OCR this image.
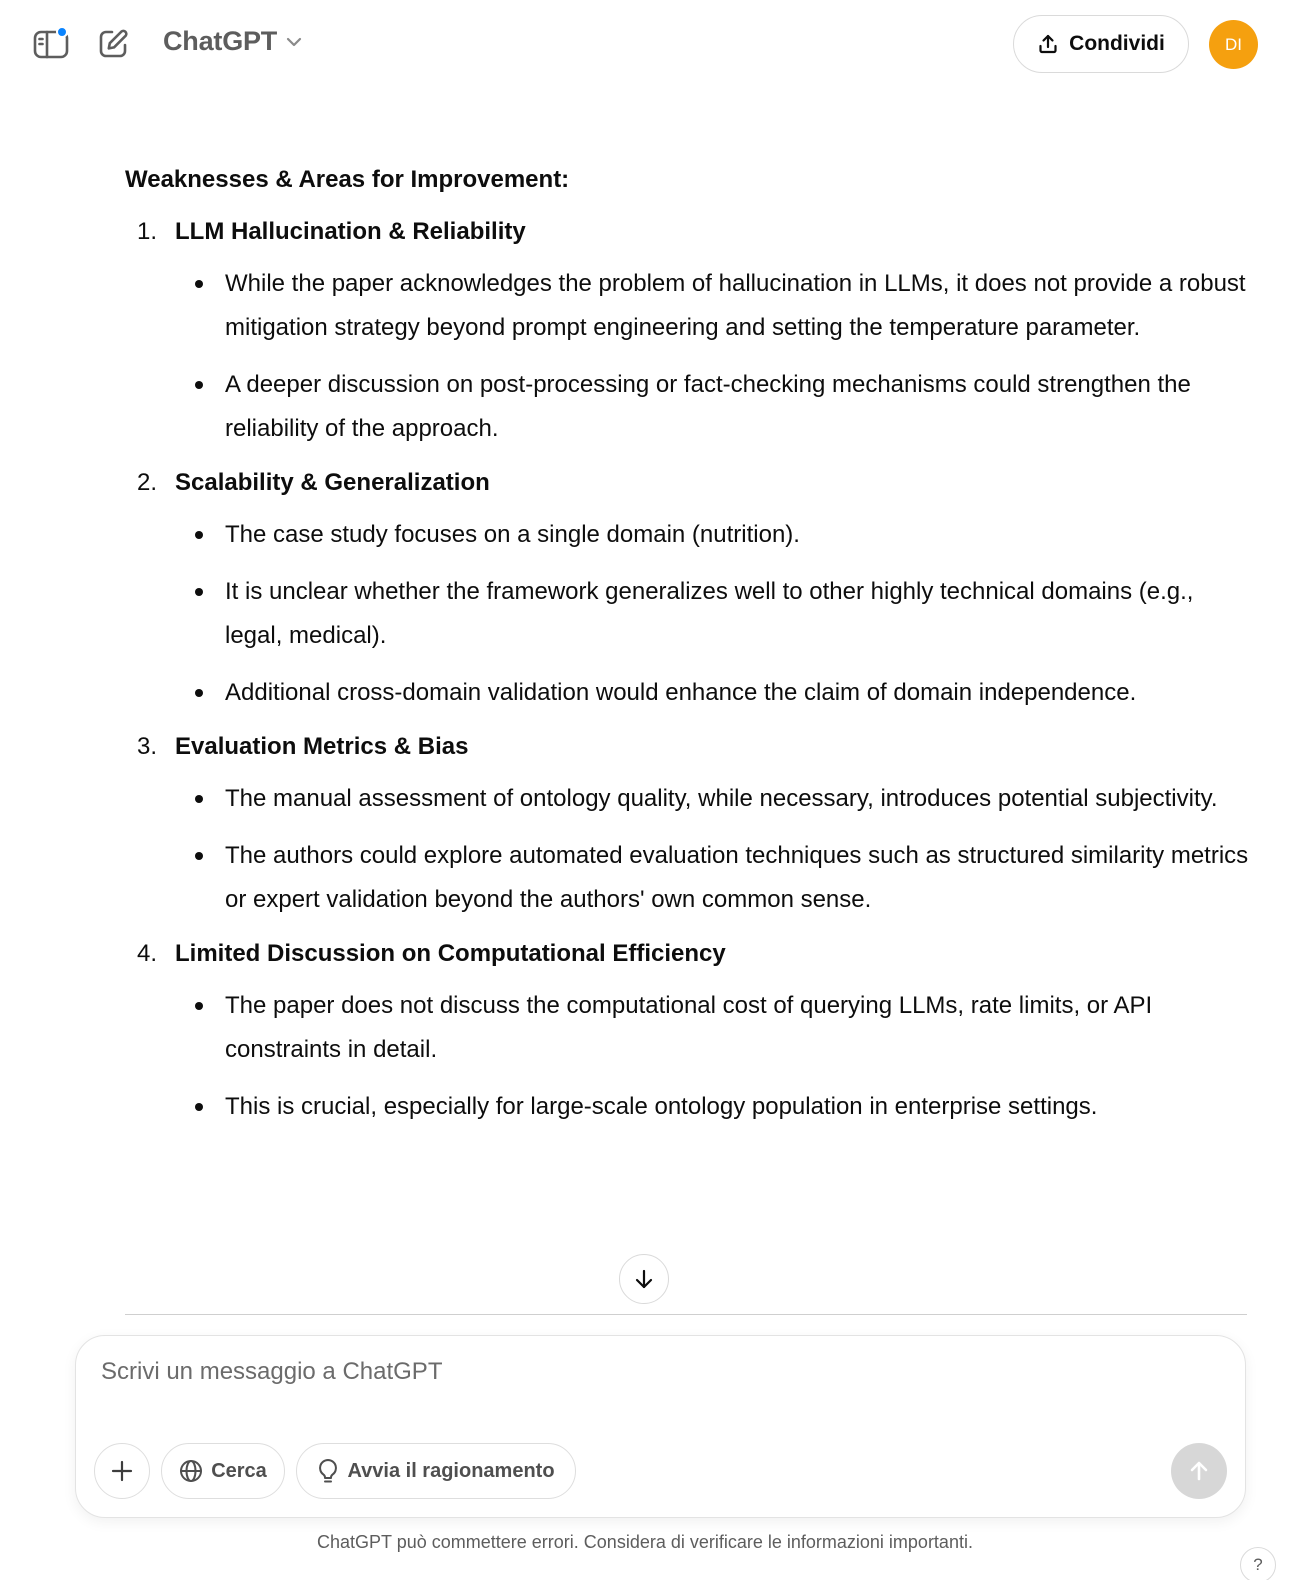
ChatGPT	Condividi	DI
Weaknesses & Areas for Improvement:
1. LLM Hallucination & Reliability
While the paper acknowledges the problem of hallucination in LLMs, it does not provide a robust mitigation strategy beyond prompt engineering and setting the temperature parameter.
A deeper discussion on post-processing or fact-checking mechanisms could strengthen the reliability of the approach.
2. Scalability & Generalization
The case study focuses on a single domain (nutrition).
It is unclear whether the framework generalizes well to other highly technical domains (e.g., legal, medical).
Additional cross-domain validation would enhance the claim of domain independence.
3. Evaluation Metrics & Bias
The manual assessment of ontology quality, while necessary, introduces potential subjectivity.
The authors could explore automated evaluation techniques such as structured similarity metrics or expert validation beyond the authors' own common sense.
4. Limited Discussion on Computational Efficiency
The paper does not discuss the computational cost of querying LLMs, rate limits, or API constraints in detail.
This is crucial, especially for large-scale ontology population in enterprise settings.
Scrivi un messaggio a ChatGPT
Cerca	Avvia il ragionamento
ChatGPT può commettere errori. Considera di verificare le informazioni importanti.
?
